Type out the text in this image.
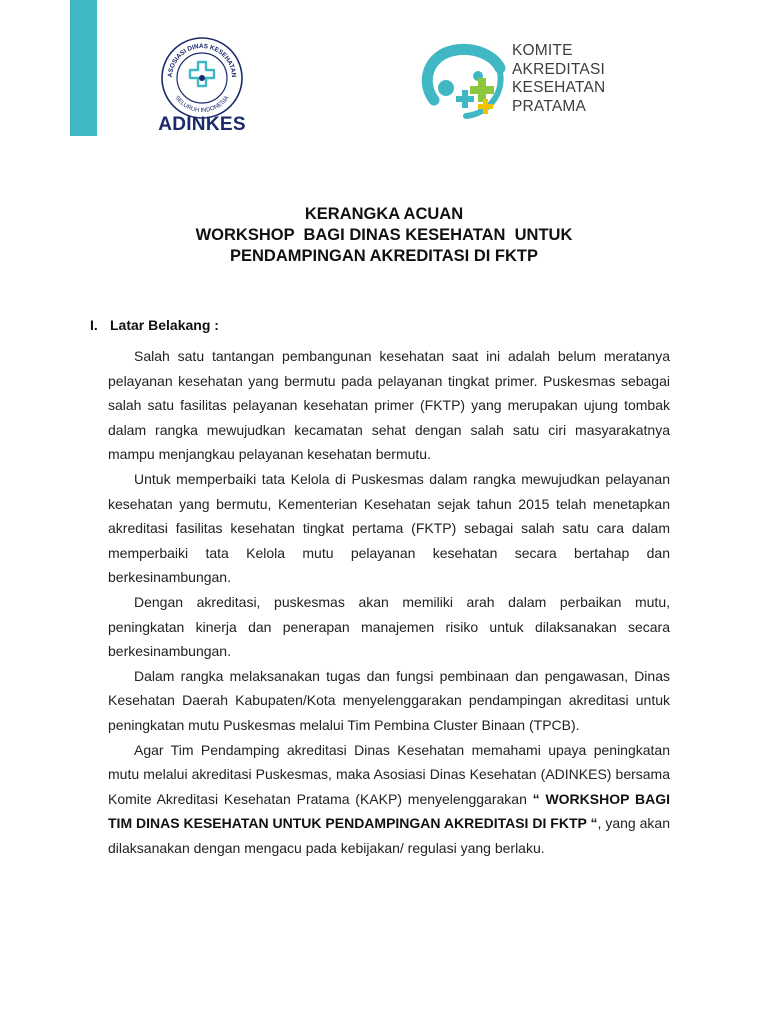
ASOSIASI DINAS KESEHATAN
SELURUH INDONESIA
ADINKES
KOMITE
AKREDITASI
KESEHATAN
PRATAMA
KERANGKA ACUAN
WORKSHOP  BAGI DINAS KESEHATAN  UNTUK
PENDAMPINGAN AKREDITASI DI FKTP
I. Latar Belakang :

Salah satu tantangan pembangunan kesehatan saat ini adalah belum meratanya pelayanan kesehatan yang bermutu pada pelayanan tingkat primer. Puskesmas sebagai salah satu fasilitas pelayanan kesehatan primer (FKTP) yang merupakan ujung tombak dalam rangka mewujudkan kecamatan sehat dengan salah satu ciri masyarakatnya mampu menjangkau pelayanan kesehatan bermutu.

Untuk memperbaiki tata Kelola di Puskesmas dalam rangka mewujudkan pelayanan kesehatan yang bermutu, Kementerian Kesehatan sejak tahun 2015 telah menetapkan akreditasi fasilitas kesehatan tingkat pertama (FKTP) sebagai salah satu cara dalam memperbaiki tata Kelola mutu pelayanan kesehatan secara bertahap dan berkesinambungan.

Dengan akreditasi, puskesmas akan memiliki arah dalam perbaikan mutu, peningkatan kinerja dan penerapan manajemen risiko untuk dilaksanakan secara berkesinambungan.

Dalam rangka melaksanakan tugas dan fungsi pembinaan dan pengawasan, Dinas Kesehatan Daerah Kabupaten/Kota menyelenggarakan pendampingan akreditasi untuk peningkatan mutu Puskesmas melalui Tim Pembina Cluster Binaan (TPCB).

Agar Tim Pendamping akreditasi Dinas Kesehatan memahami upaya peningkatan mutu melalui akreditasi Puskesmas, maka Asosiasi Dinas Kesehatan (ADINKES) bersama Komite Akreditasi Kesehatan Pratama (KAKP) menyelenggarakan “ WORKSHOP BAGI TIM DINAS KESEHATAN UNTUK PENDAMPINGAN AKREDITASI DI FKTP “, yang akan dilaksanakan dengan mengacu pada kebijakan/ regulasi yang berlaku.
